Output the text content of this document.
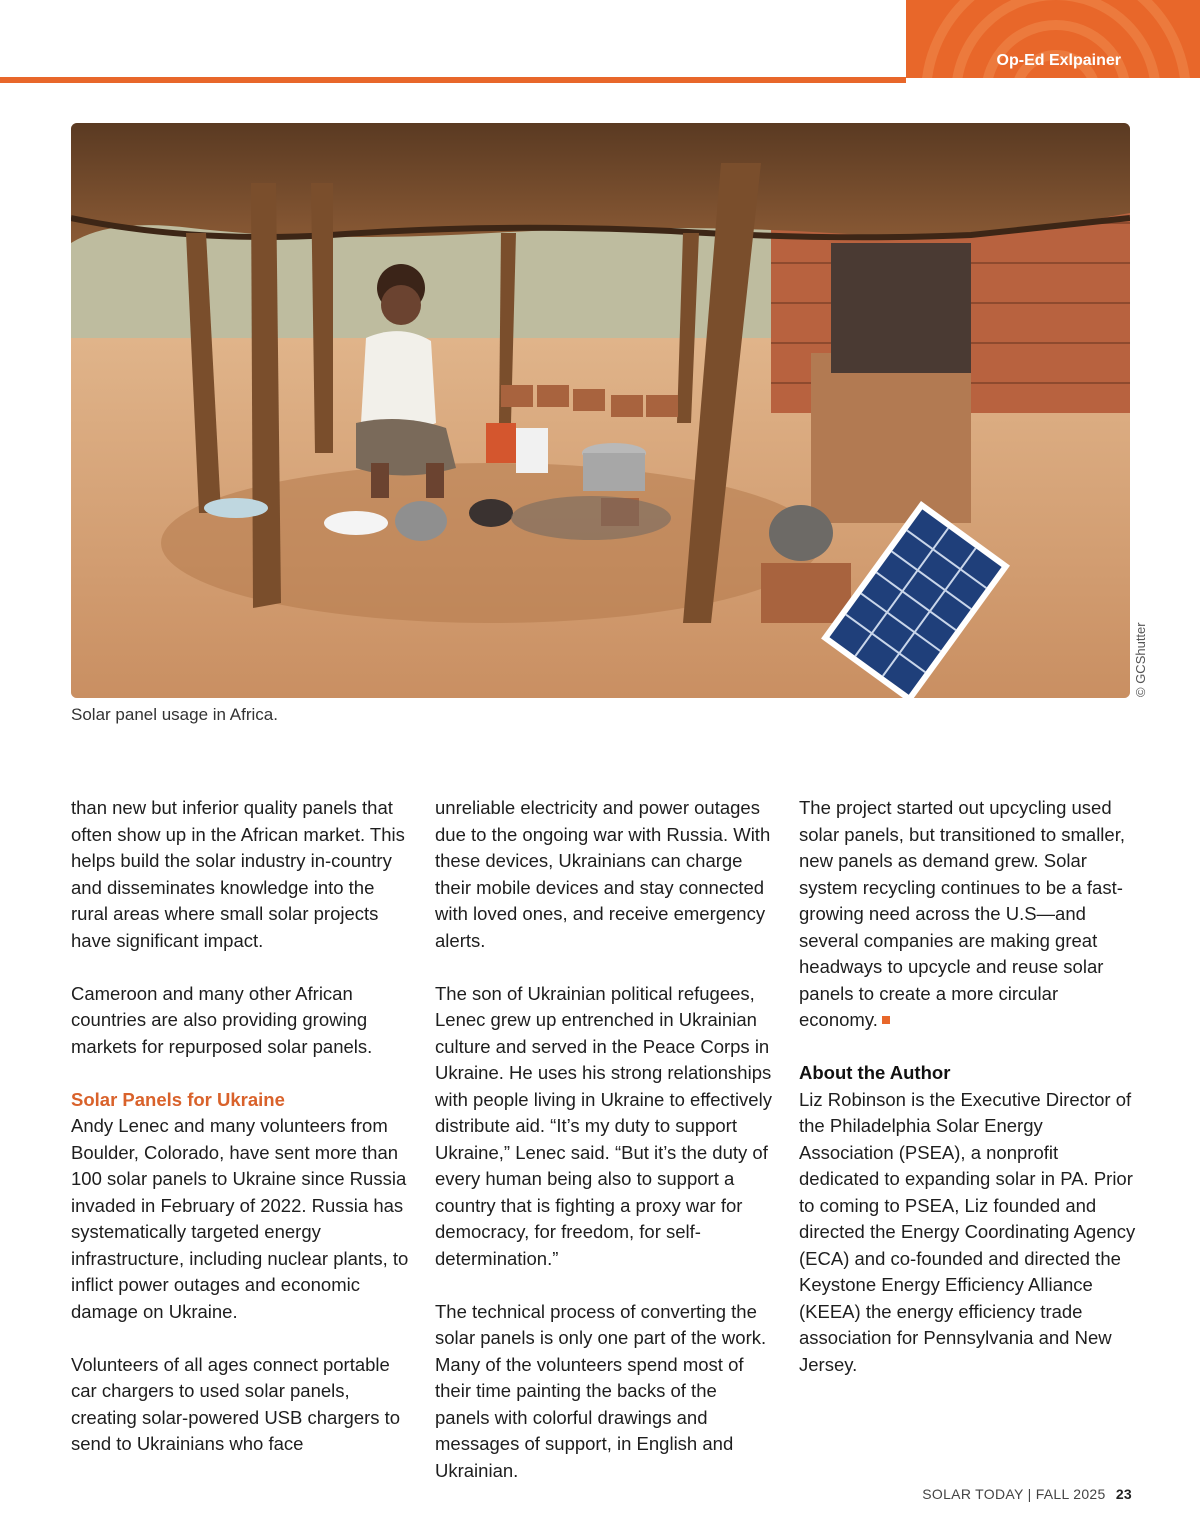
Op-Ed Exlpainer
© GCShutter
Solar panel usage in Africa.

than new but inferior quality panels that often show up in the African market. This helps build the solar industry in-country and disseminates knowledge into the rural areas where small solar projects have significant impact.

Cameroon and many other African countries are also providing growing markets for repurposed solar panels.

Solar Panels for Ukraine
Andy Lenec and many volunteers from Boulder, Colorado, have sent more than 100 solar panels to Ukraine since Russia invaded in February of 2022. Russia has systematically targeted energy infrastructure, including nuclear plants, to inflict power outages and economic damage on Ukraine.

Volunteers of all ages connect portable car chargers to used solar panels, creating solar-powered USB chargers to send to Ukrainians who face

unreliable electricity and power outages due to the ongoing war with Russia. With these devices, Ukrainians can charge their mobile devices and stay connected with loved ones, and receive emergency alerts.

The son of Ukrainian political refugees, Lenec grew up entrenched in Ukrainian culture and served in the Peace Corps in Ukraine. He uses his strong relationships with people living in Ukraine to effectively distribute aid. “It’s my duty to support Ukraine,” Lenec said. “But it’s the duty of every human being also to support a country that is fighting a proxy war for democracy, for freedom, for self-determination.”

The technical process of converting the solar panels is only one part of the work. Many of the volunteers spend most of their time painting the backs of the panels with colorful drawings and messages of support, in English and Ukrainian.

The project started out upcycling used solar panels, but transitioned to smaller, new panels as demand grew. Solar system recycling continues to be a fast-growing need across the U.S—and several companies are making great headways to upcycle and reuse solar panels to create a more circular economy.

About the Author
Liz Robinson is the Executive Director of the Philadelphia Solar Energy Association (PSEA), a nonprofit dedicated to expanding solar in PA. Prior to coming to PSEA, Liz founded and directed the Energy Coordinating Agency (ECA) and co-founded and directed the Keystone Energy Efficiency Alliance (KEEA) the energy efficiency trade association for Pennsylvania and New Jersey.

SOLAR TODAY | FALL 2025 23
